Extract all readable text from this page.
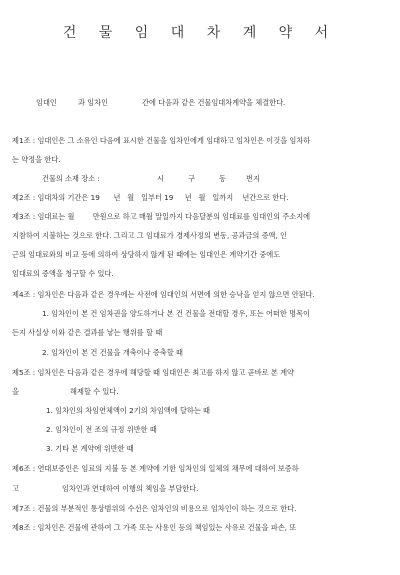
건 물 임 대 차 계 약 서
임대인	과 임차인	간에 다음과 같은 건물임대차계약을 체결한다.
제1조 : 임대인은 그 소유인 다음에 표시한 건물을 임차인에게 임대하고 임차인은 이것을 임차하
는 약정을 한다.
건물의 소재 장소 :	시	구	동	번지
제2조 : 임대차의 기간은 19      년   월   일부터 19     년   월   일까지    년간으로 한다.
제3조 : 임대료는 월        만원으로 하고 매월 말일까지 다음달분의 임대료를 임대인의 주소지에
지참하여 지불하는 것으로 한다. 그리고 그 임대료가 경제사정의 변동, 공과금의 증액, 인
근의 임대료와의 비교 등에 의하여 상당하지 않게 된 때에는 임대인은 계약기간 중에도
임대료의 증액을 청구할 수 있다.
제4조 : 임차인은 다음과 같은 경우에는 사전에 임대인의 서면에 의한 승낙을 얻지 않으면 안된다.
1. 임차인이 본 건 임차권을 양도하거나 본 건 건물을 전대할 경우, 또는 어떠한 명목이
든지 사실상 이와 같은 결과를 낳는 행위를 할 때
2. 임차인이 본 건 건물을 개축이나 증축할 때
제5조 : 임차인은 다음과 같은 경우에 해당할 때 임대인은 최고를 하지 않고 곧바로 본 계약
을	해제할 수 있다.
1. 임차인의 차임연체액이 2기의 차임액에 달하는 때
2. 임차인이 전 조의 규정 위반한 때
3. 기타 본 계약에 위반한 때
제6조 : 연대보증인은 임료의 지불 등 본 계약에 기한 임차인의 일체의 채무에 대하여 보증하
고	임차인과 연대하여 이행의 책임을 부담한다.
제7조 : 건물의 부분적인 통상범위의 수선은 임차인의 비용으로 임차인이 하는 것으로 한다.
제8조 : 임차인은 건물에 관하여 그 가족 또는 사용인 등의 책임있는 사유로 건물을 파손, 또
